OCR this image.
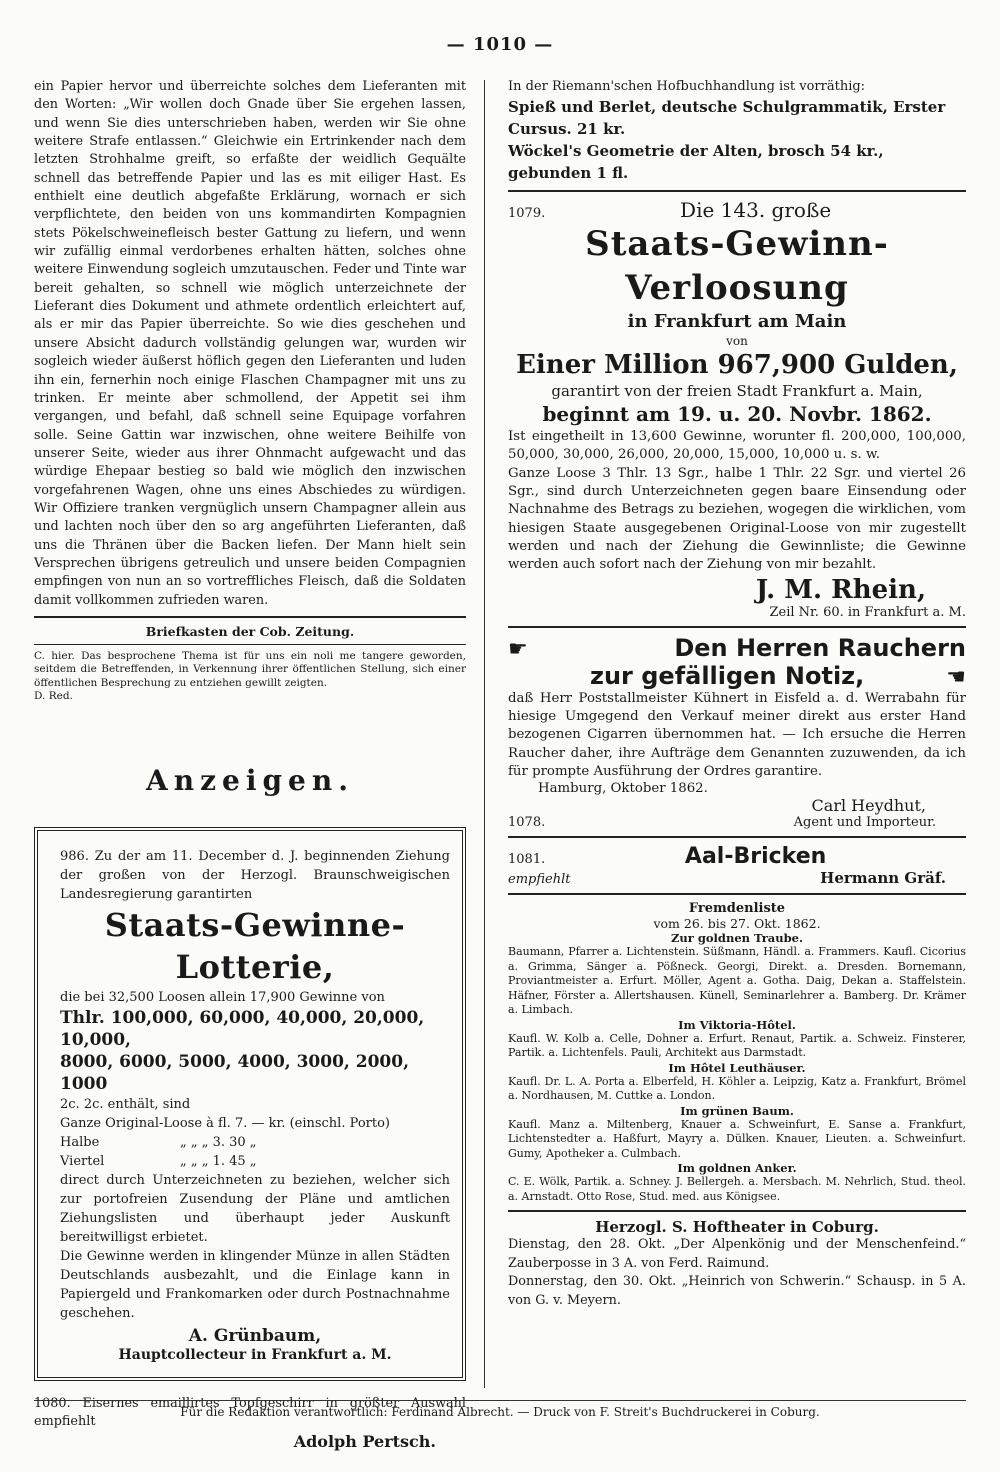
— 1010 —

ein Papier hervor und überreichte solches dem Lieferanten mit den Worten: „Wir wollen doch Gnade über Sie ergehen lassen, und wenn Sie dies unterschrieben haben, werden wir Sie ohne weitere Strafe entlassen.“ Gleichwie ein Ertrinkender nach dem letzten Strohhalme greift, so erfaßte der weidlich Gequälte schnell das betreffende Papier und las es mit eiliger Hast. Es enthielt eine deutlich abgefaßte Erklärung, wornach er sich verpflichtete, den beiden von uns kommandirten Kompagnien stets Pökelschweinefleisch bester Gattung zu liefern, und wenn wir zufällig einmal verdorbenes erhalten hätten, solches ohne weitere Einwendung sogleich umzutauschen. Feder und Tinte war bereit gehalten, so schnell wie möglich unterzeichnete der Lieferant dies Dokument und athmete ordentlich erleichtert auf, als er mir das Papier überreichte. So wie dies geschehen und unsere Absicht dadurch vollständig gelungen war, wurden wir sogleich wieder äußerst höflich gegen den Lieferanten und luden ihn ein, fernerhin noch einige Flaschen Champagner mit uns zu trinken. Er meinte aber schmollend, der Appetit sei ihm vergangen, und befahl, daß schnell seine Equipage vorfahren solle. Seine Gattin war inzwischen, ohne weitere Beihilfe von unserer Seite, wieder aus ihrer Ohnmacht aufgewacht und das würdige Ehepaar bestieg so bald wie möglich den inzwischen vorgefahrenen Wagen, ohne uns eines Abschiedes zu würdigen. Wir Offiziere tranken vergnüglich unsern Champagner allein aus und lachten noch über den so arg angeführten Lieferanten, daß uns die Thränen über die Backen liefen. Der Mann hielt sein Versprechen übrigens getreulich und unsere beiden Compagnien empfingen von nun an so vortreffliches Fleisch, daß die Soldaten damit vollkommen zufrieden waren.

Briefkasten der Cob. Zeitung.

C. hier. Das besprochene Thema ist für uns ein noli me tangere geworden, seitdem die Betreffenden, in Verkennung ihrer öffentlichen Stellung, sich einer öffentlichen Besprechung zu entziehen gewillt zeigten.

D. Red.

Anzeigen.

986. Zu der am 11. December d. J. beginnenden Ziehung der großen von der Herzogl. Braunschweigischen Landesregierung garantirten

Staats-Gewinne-Lotterie,

die bei 32,500 Loosen allein 17,900 Gewinne von

Thlr. 100,000, 60,000, 40,000, 20,000, 10,000,

8000, 6000, 5000, 4000, 3000, 2000, 1000

2c. 2c. enthält, sind

Ganze Original-Loose à fl. 7. — kr. (einschl. Porto)
Halbe	„ „ „ 3. 30 „
Viertel	„ „ „ 1. 45 „

direct durch Unterzeichneten zu beziehen, welcher sich zur portofreien Zusendung der Pläne und amtlichen Ziehungslisten und überhaupt jeder Auskunft bereitwilligst erbietet.

Die Gewinne werden in klingender Münze in allen Städten Deutschlands ausbezahlt, und die Einlage kann in Papiergeld und Frankomarken oder durch Postnachnahme geschehen.

A. Grünbaum,

Hauptcollecteur in Frankfurt a. M.

1080. Eisernes emaillirtes Topfgeschirr in größter Auswahl empfiehlt

Adolph Pertsch.

In der Riemann'schen Hofbuchhandlung ist vorräthig:

Spieß und Berlet, deutsche Schulgrammatik, Erster Cursus. 21 kr.

Wöckel's Geometrie der Alten, brosch 54 kr., gebunden 1 fl.

1079.	Die 143. große

Staats-Gewinn-Verloosung

in Frankfurt am Main

von

Einer Million 967,900 Gulden,

garantirt von der freien Stadt Frankfurt a. Main,

beginnt am 19. u. 20. Novbr. 1862.

Ist eingetheilt in 13,600 Gewinne, worunter fl. 200,000, 100,000, 50,000, 30,000, 26,000, 20,000, 15,000, 10,000 u. s. w.

Ganze Loose 3 Thlr. 13 Sgr., halbe 1 Thlr. 22 Sgr. und viertel 26 Sgr., sind durch Unterzeichneten gegen baare Einsendung oder Nachnahme des Betrags zu beziehen, wogegen die wirklichen, vom hiesigen Staate ausgegebenen Original-Loose von mir zugestellt werden und nach der Ziehung die Gewinnliste; die Gewinne werden auch sofort nach der Ziehung von mir bezahlt.

J. M. Rhein,

Zeil Nr. 60. in Frankfurt a. M.

☛	Den Herren Rauchern
zur gefälligen Notiz,	☚

daß Herr Poststallmeister Kühnert in Eisfeld a. d. Werrabahn für hiesige Umgegend den Verkauf meiner direkt aus erster Hand bezogenen Cigarren übernommen hat. — Ich ersuche die Herren Raucher daher, ihre Aufträge dem Genannten zuzuwenden, da ich für prompte Ausführung der Ordres garantire.

Hamburg, Oktober 1862.

Carl Heydhut,

1078.	Agent und Importeur.
1081.	Aal-Bricken
empfiehlt	Hermann Gräf.

Fremdenliste

vom 26. bis 27. Okt. 1862.

Zur goldnen Traube.

Baumann, Pfarrer a. Lichtenstein. Süßmann, Händl. a. Frammers. Kaufl. Cicorius a. Grimma, Sänger a. Pößneck. Georgi, Direkt. a. Dresden. Bornemann, Proviantmeister a. Erfurt. Möller, Agent a. Gotha. Daig, Dekan a. Staffelstein. Häfner, Förster a. Allertshausen. Künell, Seminarlehrer a. Bamberg. Dr. Krämer a. Limbach.

Im Viktoria-Hôtel.

Kaufl. W. Kolb a. Celle, Dohner a. Erfurt. Renaut, Partik. a. Schweiz. Finsterer, Partik. a. Lichtenfels. Pauli, Architekt aus Darmstadt.

Im Hôtel Leuthäuser.

Kaufl. Dr. L. A. Porta a. Elberfeld, H. Köhler a. Leipzig, Katz a. Frankfurt, Brömel a. Nordhausen, M. Cuttke a. London.

Im grünen Baum.

Kaufl. Manz a. Miltenberg, Knauer a. Schweinfurt, E. Sanse a. Frankfurt, Lichtenstedter a. Haßfurt, Mayry a. Dülken. Knauer, Lieuten. a. Schweinfurt. Gumy, Apotheker a. Culmbach.

Im goldnen Anker.

C. E. Wölk, Partik. a. Schney. J. Bellergeh. a. Mersbach. M. Nehrlich, Stud. theol. a. Arnstadt. Otto Rose, Stud. med. aus Königsee.

Herzogl. S. Hoftheater in Coburg.

Dienstag, den 28. Okt. „Der Alpenkönig und der Menschenfeind.“ Zauberposse in 3 A. von Ferd. Raimund.

Donnerstag, den 30. Okt. „Heinrich von Schwerin.“ Schausp. in 5 A. von G. v. Meyern.

Für die Redaktion verantwortlich: Ferdinand Albrecht. — Druck von F. Streit's Buchdruckerei in Coburg.
